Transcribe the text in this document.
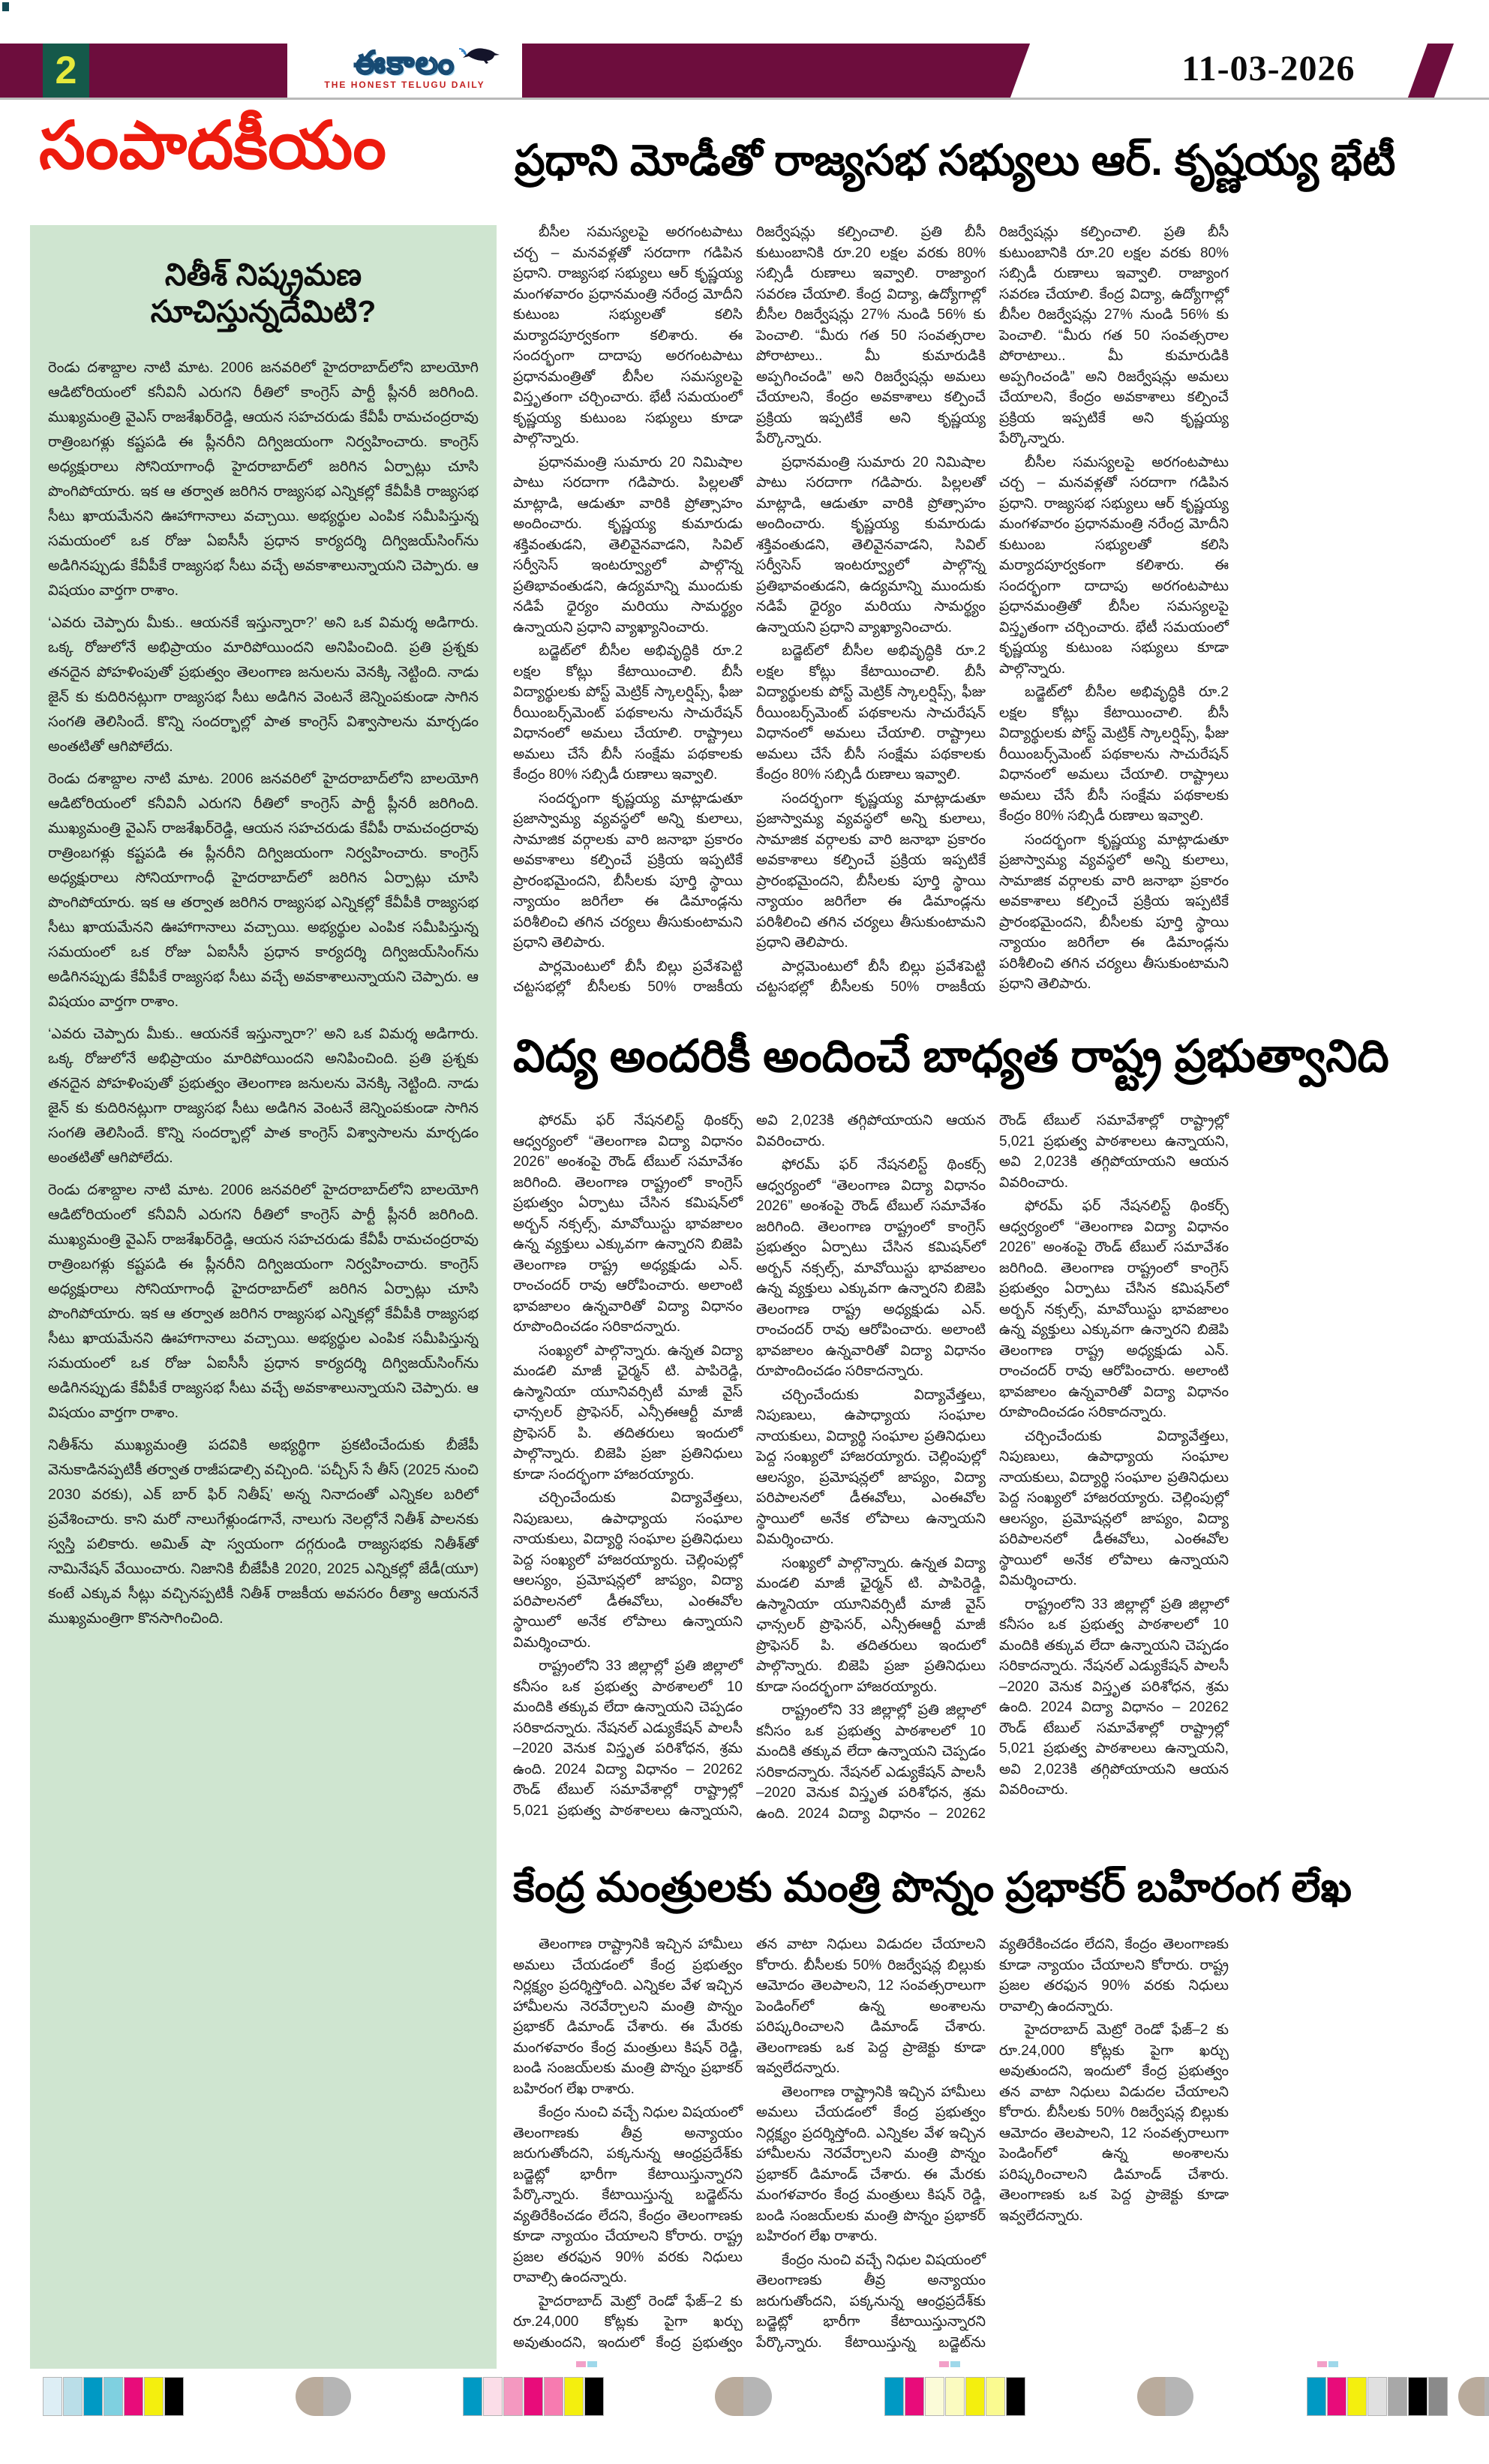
2	ఈకాలం
THE HONEST TELUGU DAILY	11-03-2026
సంపాదకీయం	ప్రధాని మోడీతో రాజ్యసభ సభ్యులు ఆర్. కృష్ణయ్య భేటీ
నితీశ్ నిష్క్రమణ సూచిస్తున్నదేమిటి?

రెండు దశాబ్దాల నాటి మాట. 2006 జనవరిలో హైదరాబాద్‌లోని బాలయోగి ఆడిటోరియంలో కనీవినీ ఎరుగని రీతిలో కాంగ్రెస్ పార్టీ ప్లీనరీ జరిగింది. ముఖ్యమంత్రి వైఎస్ రాజశేఖర్‌రెడ్డి, ఆయన సహచరుడు కేవీపీ రామచంద్రరావు రాత్రింబగళ్లు కష్టపడి ఈ ప్లీనరీని దిగ్విజయంగా నిర్వహించారు. కాంగ్రెస్ అధ్యక్షురాలు సోనియాగాంధీ హైదరాబాద్‌లో జరిగిన ఏర్పాట్లు చూసి పొంగిపోయారు. ఇక ఆ తర్వాత జరిగిన రాజ్యసభ ఎన్నికల్లో కేవీపీకి రాజ్యసభ సీటు ఖాయమేనని ఊహాగానాలు వచ్చాయి. అభ్యర్థుల ఎంపిక సమీపిస్తున్న సమయంలో ఒక రోజు ఏఐసీసీ ప్రధాన కార్యదర్శి దిగ్విజయ్‌సింగ్‌ను అడిగినప్పుడు కేవీపీకే రాజ్యసభ సీటు వచ్చే అవకాశాలున్నాయని చెప్పారు. ఆ విషయం వార్తగా రాశాం.

‘ఎవరు చెప్పారు మీకు.. ఆయనకే ఇస్తున్నారా?’ అని ఒక విమర్శ అడిగారు. ఒక్క రోజులోనే అభిప్రాయం మారిపోయిందని అనిపించింది. ప్రతి ప్రశ్నకు తనదైన పోహళింపుతో ప్రభుత్వం తెలంగాణ జనులను వెనక్కి నెట్టింది. నాడు జైన్ కు కుదిరినట్లుగా రాజ్యసభ సీటు అడిగిన వెంటనే జెన్నింపకుండా సాగిన సంగతి తెలిసిందే. కొన్ని సందర్భాల్లో పాత కాంగ్రెస్ విశ్వాసాలను మార్చడం అంతటితో ఆగిపోలేదు.

రెండు దశాబ్దాల నాటి మాట. 2006 జనవరిలో హైదరాబాద్‌లోని బాలయోగి ఆడిటోరియంలో కనీవినీ ఎరుగని రీతిలో కాంగ్రెస్ పార్టీ ప్లీనరీ జరిగింది. ముఖ్యమంత్రి వైఎస్ రాజశేఖర్‌రెడ్డి, ఆయన సహచరుడు కేవీపీ రామచంద్రరావు రాత్రింబగళ్లు కష్టపడి ఈ ప్లీనరీని దిగ్విజయంగా నిర్వహించారు. కాంగ్రెస్ అధ్యక్షురాలు సోనియాగాంధీ హైదరాబాద్‌లో జరిగిన ఏర్పాట్లు చూసి పొంగిపోయారు. ఇక ఆ తర్వాత జరిగిన రాజ్యసభ ఎన్నికల్లో కేవీపీకి రాజ్యసభ సీటు ఖాయమేనని ఊహాగానాలు వచ్చాయి. అభ్యర్థుల ఎంపిక సమీపిస్తున్న సమయంలో ఒక రోజు ఏఐసీసీ ప్రధాన కార్యదర్శి దిగ్విజయ్‌సింగ్‌ను అడిగినప్పుడు కేవీపీకే రాజ్యసభ సీటు వచ్చే అవకాశాలున్నాయని చెప్పారు. ఆ విషయం వార్తగా రాశాం.

‘ఎవరు చెప్పారు మీకు.. ఆయనకే ఇస్తున్నారా?’ అని ఒక విమర్శ అడిగారు. ఒక్క రోజులోనే అభిప్రాయం మారిపోయిందని అనిపించింది. ప్రతి ప్రశ్నకు తనదైన పోహళింపుతో ప్రభుత్వం తెలంగాణ జనులను వెనక్కి నెట్టింది. నాడు జైన్ కు కుదిరినట్లుగా రాజ్యసభ సీటు అడిగిన వెంటనే జెన్నింపకుండా సాగిన సంగతి తెలిసిందే. కొన్ని సందర్భాల్లో పాత కాంగ్రెస్ విశ్వాసాలను మార్చడం అంతటితో ఆగిపోలేదు.

రెండు దశాబ్దాల నాటి మాట. 2006 జనవరిలో హైదరాబాద్‌లోని బాలయోగి ఆడిటోరియంలో కనీవినీ ఎరుగని రీతిలో కాంగ్రెస్ పార్టీ ప్లీనరీ జరిగింది. ముఖ్యమంత్రి వైఎస్ రాజశేఖర్‌రెడ్డి, ఆయన సహచరుడు కేవీపీ రామచంద్రరావు రాత్రింబగళ్లు కష్టపడి ఈ ప్లీనరీని దిగ్విజయంగా నిర్వహించారు. కాంగ్రెస్ అధ్యక్షురాలు సోనియాగాంధీ హైదరాబాద్‌లో జరిగిన ఏర్పాట్లు చూసి పొంగిపోయారు. ఇక ఆ తర్వాత జరిగిన రాజ్యసభ ఎన్నికల్లో కేవీపీకి రాజ్యసభ సీటు ఖాయమేనని ఊహాగానాలు వచ్చాయి. అభ్యర్థుల ఎంపిక సమీపిస్తున్న సమయంలో ఒక రోజు ఏఐసీసీ ప్రధాన కార్యదర్శి దిగ్విజయ్‌సింగ్‌ను అడిగినప్పుడు కేవీపీకే రాజ్యసభ సీటు వచ్చే అవకాశాలున్నాయని చెప్పారు. ఆ విషయం వార్తగా రాశాం.

నితీశ్‌ను ముఖ్యమంత్రి పదవికి అభ్యర్థిగా ప్రకటించేందుకు బీజేపీ వెనుకాడినప్పటికీ తర్వాత రాజీపడాల్సి వచ్చింది. ‘పచ్చీస్ సే తీస్ (2025 నుంచి 2030 వరకు), ఎక్ బార్ ఫిర్ నితీష్’ అన్న నినాదంతో ఎన్నికల బరిలో ప్రవేశించారు. కాని మరో నాలుగేళ్లుండగానే, నాలుగు నెలల్లోనే నితీశ్ పాలనకు స్వస్తి పలికారు. అమిత్ షా స్వయంగా దగ్గరుండి రాజ్యసభకు నితీశ్‌తో నామినేషన్ వేయించారు. నిజానికి బీజేపీకి 2020, 2025 ఎన్నికల్లో జేడీ(యూ) కంటే ఎక్కువ సీట్లు వచ్చినప్పటికీ నితీశ్ రాజకీయ అవసరం రీత్యా ఆయననే ముఖ్యమంత్రిగా కొనసాగించింది.

బీసీల సమస్యలపై అరగంటపాటు చర్చ – మనవళ్లతో సరదాగా గడిపిన ప్రధాని. రాజ్యసభ సభ్యులు ఆర్ కృష్ణయ్య మంగళవారం ప్రధానమంత్రి నరేంద్ర మోదీని కుటుంబ సభ్యులతో కలిసి మర్యాదపూర్వకంగా కలిశారు. ఈ సందర్భంగా దాదాపు అరగంటపాటు ప్రధానమంత్రితో బీసీల సమస్యలపై విస్తృతంగా చర్చించారు. భేటీ సమయంలో కృష్ణయ్య కుటుంబ సభ్యులు కూడా పాల్గొన్నారు.

ప్రధానమంత్రి సుమారు 20 నిమిషాల పాటు సరదాగా గడిపారు. పిల్లలతో మాట్లాడి, ఆడుతూ వారికి ప్రోత్సాహం అందించారు. కృష్ణయ్య కుమారుడు శక్తివంతుడని, తెలివైనవాడని, సివిల్ సర్వీసెస్ ఇంటర్వ్యూలో పాల్గొన్న ప్రతిభావంతుడని, ఉద్యమాన్ని ముందుకు నడిపే ధైర్యం మరియు సామర్థ్యం ఉన్నాయని ప్రధాని వ్యాఖ్యానించారు.

బడ్జెట్‌లో బీసీల అభివృద్ధికి రూ.2 లక్షల కోట్లు కేటాయించాలి. బీసీ విద్యార్థులకు పోస్ట్ మెట్రిక్ స్కాలర్షిప్స్, ఫీజు రీయింబర్స్‌మెంట్ పథకాలను సాచురేషన్ విధానంలో అమలు చేయాలి. రాష్ట్రాలు అమలు చేసే బీసీ సంక్షేమ పథకాలకు కేంద్రం 80% సబ్సిడీ రుణాలు ఇవ్వాలి.

సందర్భంగా కృష్ణయ్య మాట్లాడుతూ ప్రజాస్వామ్య వ్యవస్థలో అన్ని కులాలు, సామాజిక వర్గాలకు వారి జనాభా ప్రకారం అవకాశాలు కల్పించే ప్రక్రియ ఇప్పటికే ప్రారంభమైందని, బీసీలకు పూర్తి స్థాయి న్యాయం జరిగేలా ఈ డిమాండ్లను పరిశీలించి తగిన చర్యలు తీసుకుంటామని ప్రధాని తెలిపారు.

పార్లమెంటులో బీసీ బిల్లు ప్రవేశపెట్టి చట్టసభల్లో బీసీలకు 50% రాజకీయ రిజర్వేషన్లు కల్పించాలి. ప్రతి బీసీ కుటుంబానికి రూ.20 లక్షల వరకు 80% సబ్సిడీ రుణాలు ఇవ్వాలి. రాజ్యాంగ సవరణ చేయాలి. కేంద్ర విద్యా, ఉద్యోగాల్లో బీసీల రిజర్వేషన్లు 27% నుండి 56% కు పెంచాలి. “మీరు గత 50 సంవత్సరాల పోరాటాలు.. మీ కుమారుడికి అప్పగించండి” అని రిజర్వేషన్లు అమలు చేయాలని, కేంద్రం అవకాశాలు కల్పించే ప్రక్రియ ఇప్పటికే అని కృష్ణయ్య పేర్కొన్నారు.

ప్రధానమంత్రి సుమారు 20 నిమిషాల పాటు సరదాగా గడిపారు. పిల్లలతో మాట్లాడి, ఆడుతూ వారికి ప్రోత్సాహం అందించారు. కృష్ణయ్య కుమారుడు శక్తివంతుడని, తెలివైనవాడని, సివిల్ సర్వీసెస్ ఇంటర్వ్యూలో పాల్గొన్న ప్రతిభావంతుడని, ఉద్యమాన్ని ముందుకు నడిపే ధైర్యం మరియు సామర్థ్యం ఉన్నాయని ప్రధాని వ్యాఖ్యానించారు.

బడ్జెట్‌లో బీసీల అభివృద్ధికి రూ.2 లక్షల కోట్లు కేటాయించాలి. బీసీ విద్యార్థులకు పోస్ట్ మెట్రిక్ స్కాలర్షిప్స్, ఫీజు రీయింబర్స్‌మెంట్ పథకాలను సాచురేషన్ విధానంలో అమలు చేయాలి. రాష్ట్రాలు అమలు చేసే బీసీ సంక్షేమ పథకాలకు కేంద్రం 80% సబ్సిడీ రుణాలు ఇవ్వాలి.

సందర్భంగా కృష్ణయ్య మాట్లాడుతూ ప్రజాస్వామ్య వ్యవస్థలో అన్ని కులాలు, సామాజిక వర్గాలకు వారి జనాభా ప్రకారం అవకాశాలు కల్పించే ప్రక్రియ ఇప్పటికే ప్రారంభమైందని, బీసీలకు పూర్తి స్థాయి న్యాయం జరిగేలా ఈ డిమాండ్లను పరిశీలించి తగిన చర్యలు తీసుకుంటామని ప్రధాని తెలిపారు.

పార్లమెంటులో బీసీ బిల్లు ప్రవేశపెట్టి చట్టసభల్లో బీసీలకు 50% రాజకీయ రిజర్వేషన్లు కల్పించాలి. ప్రతి బీసీ కుటుంబానికి రూ.20 లక్షల వరకు 80% సబ్సిడీ రుణాలు ఇవ్వాలి. రాజ్యాంగ సవరణ చేయాలి. కేంద్ర విద్యా, ఉద్యోగాల్లో బీసీల రిజర్వేషన్లు 27% నుండి 56% కు పెంచాలి. “మీరు గత 50 సంవత్సరాల పోరాటాలు.. మీ కుమారుడికి అప్పగించండి” అని రిజర్వేషన్లు అమలు చేయాలని, కేంద్రం అవకాశాలు కల్పించే ప్రక్రియ ఇప్పటికే అని కృష్ణయ్య పేర్కొన్నారు.

బీసీల సమస్యలపై అరగంటపాటు చర్చ – మనవళ్లతో సరదాగా గడిపిన ప్రధాని. రాజ్యసభ సభ్యులు ఆర్ కృష్ణయ్య మంగళవారం ప్రధానమంత్రి నరేంద్ర మోదీని కుటుంబ సభ్యులతో కలిసి మర్యాదపూర్వకంగా కలిశారు. ఈ సందర్భంగా దాదాపు అరగంటపాటు ప్రధానమంత్రితో బీసీల సమస్యలపై విస్తృతంగా చర్చించారు. భేటీ సమయంలో కృష్ణయ్య కుటుంబ సభ్యులు కూడా పాల్గొన్నారు.

బడ్జెట్‌లో బీసీల అభివృద్ధికి రూ.2 లక్షల కోట్లు కేటాయించాలి. బీసీ విద్యార్థులకు పోస్ట్ మెట్రిక్ స్కాలర్షిప్స్, ఫీజు రీయింబర్స్‌మెంట్ పథకాలను సాచురేషన్ విధానంలో అమలు చేయాలి. రాష్ట్రాలు అమలు చేసే బీసీ సంక్షేమ పథకాలకు కేంద్రం 80% సబ్సిడీ రుణాలు ఇవ్వాలి.

సందర్భంగా కృష్ణయ్య మాట్లాడుతూ ప్రజాస్వామ్య వ్యవస్థలో అన్ని కులాలు, సామాజిక వర్గాలకు వారి జనాభా ప్రకారం అవకాశాలు కల్పించే ప్రక్రియ ఇప్పటికే ప్రారంభమైందని, బీసీలకు పూర్తి స్థాయి న్యాయం జరిగేలా ఈ డిమాండ్లను పరిశీలించి తగిన చర్యలు తీసుకుంటామని ప్రధాని తెలిపారు.

విద్య అందరికీ అందించే బాధ్యత రాష్ట్ర ప్రభుత్వానిది

ఫోరమ్ ఫర్ నేషనలిస్ట్ థింకర్స్ ఆధ్వర్యంలో “తెలంగాణ విద్యా విధానం 2026” అంశంపై రౌండ్ టేబుల్ సమావేశం జరిగింది. తెలంగాణ రాష్ట్రంలో కాంగ్రెస్ ప్రభుత్వం ఏర్పాటు చేసిన కమిషన్‌లో అర్బన్ నక్సల్స్, మావోయిస్టు భావజాలం ఉన్న వ్యక్తులు ఎక్కువగా ఉన్నారని బిజెపి తెలంగాణ రాష్ట్ర అధ్యక్షుడు ఎన్. రాంచందర్ రావు ఆరోపించారు. అలాంటి భావజాలం ఉన్నవారితో విద్యా విధానం రూపొందించడం సరికాదన్నారు.

సంఖ్యలో పాల్గొన్నారు. ఉన్నత విద్యా మండలి మాజీ ఛైర్మన్ టి. పాపిరెడ్డి, ఉస్మానియా యూనివర్సిటీ మాజీ వైస్ ఛాన్సలర్ ప్రొఫెసర్, ఎన్సీఈఆర్టీ మాజీ ప్రొఫెసర్ పి. తదితరులు ఇందులో పాల్గొన్నారు. బిజెపి ప్రజా ప్రతినిధులు కూడా సందర్భంగా హాజరయ్యారు.

చర్చించేందుకు విద్యావేత్తలు, నిపుణులు, ఉపాధ్యాయ సంఘాల నాయకులు, విద్యార్థి సంఘాల ప్రతినిధులు పెద్ద సంఖ్యలో హాజరయ్యారు. చెల్లింపుల్లో ఆలస్యం, ప్రమోషన్లలో జాప్యం, విద్యా పరిపాలనలో డీఈవోలు, ఎంఈవోల స్థాయిలో అనేక లోపాలు ఉన్నాయని విమర్శించారు.

రాష్ట్రంలోని 33 జిల్లాల్లో ప్రతి జిల్లాలో కనీసం ఒక ప్రభుత్వ పాఠశాలలో 10 మందికి తక్కువ లేదా ఉన్నాయని చెప్పడం సరికాదన్నారు. నేషనల్ ఎడ్యుకేషన్ పాలసీ –2020 వెనుక విస్తృత పరిశోధన, శ్రమ ఉంది. 2024 విద్యా విధానం – 20262 రౌండ్ టేబుల్ సమావేశాల్లో రాష్ట్రాల్లో 5,021 ప్రభుత్వ పాఠశాలలు ఉన్నాయని, అవి 2,023కి తగ్గిపోయాయని ఆయన వివరించారు.

ఫోరమ్ ఫర్ నేషనలిస్ట్ థింకర్స్ ఆధ్వర్యంలో “తెలంగాణ విద్యా విధానం 2026” అంశంపై రౌండ్ టేబుల్ సమావేశం జరిగింది. తెలంగాణ రాష్ట్రంలో కాంగ్రెస్ ప్రభుత్వం ఏర్పాటు చేసిన కమిషన్‌లో అర్బన్ నక్సల్స్, మావోయిస్టు భావజాలం ఉన్న వ్యక్తులు ఎక్కువగా ఉన్నారని బిజెపి తెలంగాణ రాష్ట్ర అధ్యక్షుడు ఎన్. రాంచందర్ రావు ఆరోపించారు. అలాంటి భావజాలం ఉన్నవారితో విద్యా విధానం రూపొందించడం సరికాదన్నారు.

చర్చించేందుకు విద్యావేత్తలు, నిపుణులు, ఉపాధ్యాయ సంఘాల నాయకులు, విద్యార్థి సంఘాల ప్రతినిధులు పెద్ద సంఖ్యలో హాజరయ్యారు. చెల్లింపుల్లో ఆలస్యం, ప్రమోషన్లలో జాప్యం, విద్యా పరిపాలనలో డీఈవోలు, ఎంఈవోల స్థాయిలో అనేక లోపాలు ఉన్నాయని విమర్శించారు.

సంఖ్యలో పాల్గొన్నారు. ఉన్నత విద్యా మండలి మాజీ ఛైర్మన్ టి. పాపిరెడ్డి, ఉస్మానియా యూనివర్సిటీ మాజీ వైస్ ఛాన్సలర్ ప్రొఫెసర్, ఎన్సీఈఆర్టీ మాజీ ప్రొఫెసర్ పి. తదితరులు ఇందులో పాల్గొన్నారు. బిజెపి ప్రజా ప్రతినిధులు కూడా సందర్భంగా హాజరయ్యారు.

రాష్ట్రంలోని 33 జిల్లాల్లో ప్రతి జిల్లాలో కనీసం ఒక ప్రభుత్వ పాఠశాలలో 10 మందికి తక్కువ లేదా ఉన్నాయని చెప్పడం సరికాదన్నారు. నేషనల్ ఎడ్యుకేషన్ పాలసీ –2020 వెనుక విస్తృత పరిశోధన, శ్రమ ఉంది. 2024 విద్యా విధానం – 20262 రౌండ్ టేబుల్ సమావేశాల్లో రాష్ట్రాల్లో 5,021 ప్రభుత్వ పాఠశాలలు ఉన్నాయని, అవి 2,023కి తగ్గిపోయాయని ఆయన వివరించారు.

ఫోరమ్ ఫర్ నేషనలిస్ట్ థింకర్స్ ఆధ్వర్యంలో “తెలంగాణ విద్యా విధానం 2026” అంశంపై రౌండ్ టేబుల్ సమావేశం జరిగింది. తెలంగాణ రాష్ట్రంలో కాంగ్రెస్ ప్రభుత్వం ఏర్పాటు చేసిన కమిషన్‌లో అర్బన్ నక్సల్స్, మావోయిస్టు భావజాలం ఉన్న వ్యక్తులు ఎక్కువగా ఉన్నారని బిజెపి తెలంగాణ రాష్ట్ర అధ్యక్షుడు ఎన్. రాంచందర్ రావు ఆరోపించారు. అలాంటి భావజాలం ఉన్నవారితో విద్యా విధానం రూపొందించడం సరికాదన్నారు.

చర్చించేందుకు విద్యావేత్తలు, నిపుణులు, ఉపాధ్యాయ సంఘాల నాయకులు, విద్యార్థి సంఘాల ప్రతినిధులు పెద్ద సంఖ్యలో హాజరయ్యారు. చెల్లింపుల్లో ఆలస్యం, ప్రమోషన్లలో జాప్యం, విద్యా పరిపాలనలో డీఈవోలు, ఎంఈవోల స్థాయిలో అనేక లోపాలు ఉన్నాయని విమర్శించారు.

రాష్ట్రంలోని 33 జిల్లాల్లో ప్రతి జిల్లాలో కనీసం ఒక ప్రభుత్వ పాఠశాలలో 10 మందికి తక్కువ లేదా ఉన్నాయని చెప్పడం సరికాదన్నారు. నేషనల్ ఎడ్యుకేషన్ పాలసీ –2020 వెనుక విస్తృత పరిశోధన, శ్రమ ఉంది. 2024 విద్యా విధానం – 20262 రౌండ్ టేబుల్ సమావేశాల్లో రాష్ట్రాల్లో 5,021 ప్రభుత్వ పాఠశాలలు ఉన్నాయని, అవి 2,023కి తగ్గిపోయాయని ఆయన వివరించారు.

కేంద్ర మంత్రులకు మంత్రి పొన్నం ప్రభాకర్ బహిరంగ లేఖ

తెలంగాణ రాష్ట్రానికి ఇచ్చిన హామీలు అమలు చేయడంలో కేంద్ర ప్రభుత్వం నిర్లక్ష్యం ప్రదర్శిస్తోంది. ఎన్నికల వేళ ఇచ్చిన హామీలను నెరవేర్చాలని మంత్రి పొన్నం ప్రభాకర్ డిమాండ్ చేశారు. ఈ మేరకు మంగళవారం కేంద్ర మంత్రులు కిషన్ రెడ్డి, బండి సంజయ్‌లకు మంత్రి పొన్నం ప్రభాకర్ బహిరంగ లేఖ రాశారు.

కేంద్రం నుంచి వచ్చే నిధుల విషయంలో తెలంగాణకు తీవ్ర అన్యాయం జరుగుతోందని, పక్కనున్న ఆంధ్రప్రదేశ్‌కు బడ్జెట్లో భారీగా కేటాయిస్తున్నారని పేర్కొన్నారు. కేటాయిస్తున్న బడ్జెట్‌ను వ్యతిరేకించడం లేదని, కేంద్రం తెలంగాణకు కూడా న్యాయం చేయాలని కోరారు. రాష్ట్ర ప్రజల తరఫున 90% వరకు నిధులు రావాల్సి ఉందన్నారు.

హైదరాబాద్ మెట్రో రెండో ఫేజ్‌–2 కు రూ.24,000 కోట్లకు పైగా ఖర్చు అవుతుందని, ఇందులో కేంద్ర ప్రభుత్వం తన వాటా నిధులు విడుదల చేయాలని కోరారు. బీసీలకు 50% రిజర్వేషన్ల బిల్లుకు ఆమోదం తెలపాలని, 12 సంవత్సరాలుగా పెండింగ్‌లో ఉన్న అంశాలను పరిష్కరించాలని డిమాండ్ చేశారు. తెలంగాణకు ఒక పెద్ద ప్రాజెక్టు కూడా ఇవ్వలేదన్నారు.

తెలంగాణ రాష్ట్రానికి ఇచ్చిన హామీలు అమలు చేయడంలో కేంద్ర ప్రభుత్వం నిర్లక్ష్యం ప్రదర్శిస్తోంది. ఎన్నికల వేళ ఇచ్చిన హామీలను నెరవేర్చాలని మంత్రి పొన్నం ప్రభాకర్ డిమాండ్ చేశారు. ఈ మేరకు మంగళవారం కేంద్ర మంత్రులు కిషన్ రెడ్డి, బండి సంజయ్‌లకు మంత్రి పొన్నం ప్రభాకర్ బహిరంగ లేఖ రాశారు.

కేంద్రం నుంచి వచ్చే నిధుల విషయంలో తెలంగాణకు తీవ్ర అన్యాయం జరుగుతోందని, పక్కనున్న ఆంధ్రప్రదేశ్‌కు బడ్జెట్లో భారీగా కేటాయిస్తున్నారని పేర్కొన్నారు. కేటాయిస్తున్న బడ్జెట్‌ను వ్యతిరేకించడం లేదని, కేంద్రం తెలంగాణకు కూడా న్యాయం చేయాలని కోరారు. రాష్ట్ర ప్రజల తరఫున 90% వరకు నిధులు రావాల్సి ఉందన్నారు.

హైదరాబాద్ మెట్రో రెండో ఫేజ్‌–2 కు రూ.24,000 కోట్లకు పైగా ఖర్చు అవుతుందని, ఇందులో కేంద్ర ప్రభుత్వం తన వాటా నిధులు విడుదల చేయాలని కోరారు. బీసీలకు 50% రిజర్వేషన్ల బిల్లుకు ఆమోదం తెలపాలని, 12 సంవత్సరాలుగా పెండింగ్‌లో ఉన్న అంశాలను పరిష్కరించాలని డిమాండ్ చేశారు. తెలంగాణకు ఒక పెద్ద ప్రాజెక్టు కూడా ఇవ్వలేదన్నారు.
